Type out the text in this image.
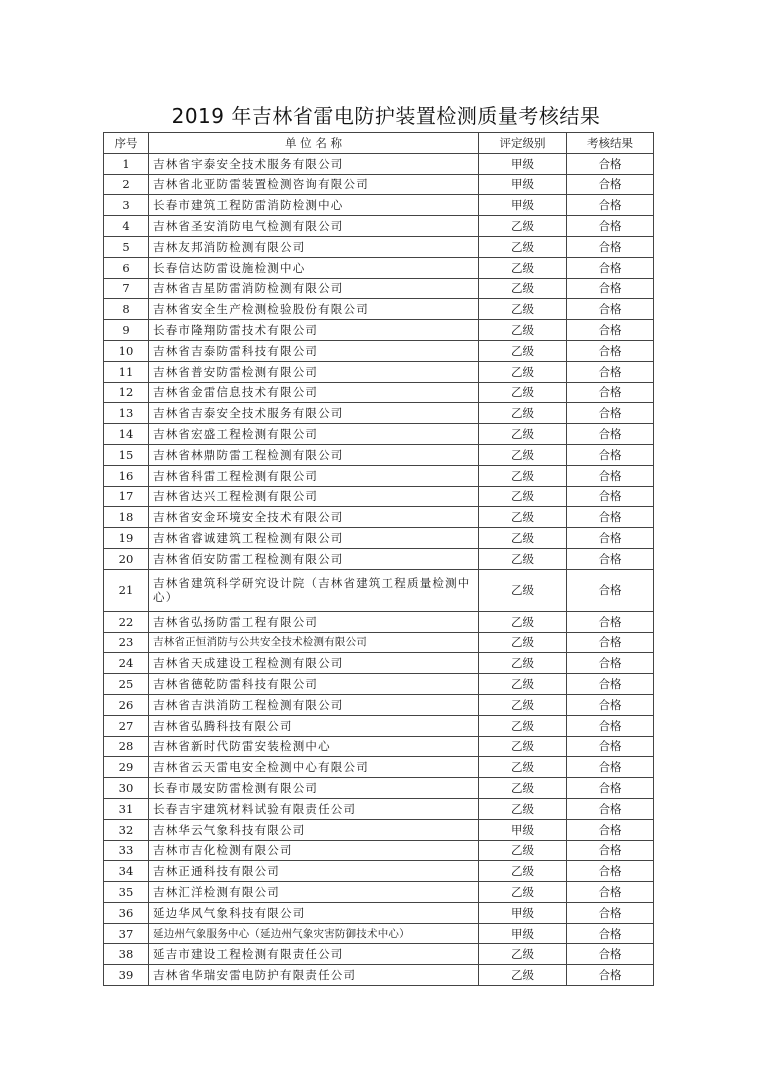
2019 年吉林省雷电防护装置检测质量考核结果
序号	单 位 名 称	评定级别	考核结果
1	吉林省宇泰安全技术服务有限公司	甲级	合格
2	吉林省北亚防雷装置检测咨询有限公司	甲级	合格
3	长春市建筑工程防雷消防检测中心	甲级	合格
4	吉林省圣安消防电气检测有限公司	乙级	合格
5	吉林友邦消防检测有限公司	乙级	合格
6	长春信达防雷设施检测中心	乙级	合格
7	吉林省吉星防雷消防检测有限公司	乙级	合格
8	吉林省安全生产检测检验股份有限公司	乙级	合格
9	长春市隆翔防雷技术有限公司	乙级	合格
10	吉林省吉泰防雷科技有限公司	乙级	合格
11	吉林省普安防雷检测有限公司	乙级	合格
12	吉林省金雷信息技术有限公司	乙级	合格
13	吉林省吉泰安全技术服务有限公司	乙级	合格
14	吉林省宏盛工程检测有限公司	乙级	合格
15	吉林省林鼎防雷工程检测有限公司	乙级	合格
16	吉林省科雷工程检测有限公司	乙级	合格
17	吉林省达兴工程检测有限公司	乙级	合格
18	吉林省安金环境安全技术有限公司	乙级	合格
19	吉林省睿诚建筑工程检测有限公司	乙级	合格
20	吉林省佰安防雷工程检测有限公司	乙级	合格
21	吉林省建筑科学研究设计院（吉林省建筑工程质量检测中心）	乙级	合格
22	吉林省弘扬防雷工程有限公司	乙级	合格
23	吉林省正恒消防与公共安全技术检测有限公司	乙级	合格
24	吉林省天成建设工程检测有限公司	乙级	合格
25	吉林省德乾防雷科技有限公司	乙级	合格
26	吉林省吉洪消防工程检测有限公司	乙级	合格
27	吉林省弘腾科技有限公司	乙级	合格
28	吉林省新时代防雷安装检测中心	乙级	合格
29	吉林省云天雷电安全检测中心有限公司	乙级	合格
30	长春市晟安防雷检测有限公司	乙级	合格
31	长春吉宇建筑材料试验有限责任公司	乙级	合格
32	吉林华云气象科技有限公司	甲级	合格
33	吉林市吉化检测有限公司	乙级	合格
34	吉林正通科技有限公司	乙级	合格
35	吉林汇洋检测有限公司	乙级	合格
36	延边华风气象科技有限公司	甲级	合格
37	延边州气象服务中心（延边州气象灾害防御技术中心）	甲级	合格
38	延吉市建设工程检测有限责任公司	乙级	合格
39	吉林省华瑞安雷电防护有限责任公司	乙级	合格
